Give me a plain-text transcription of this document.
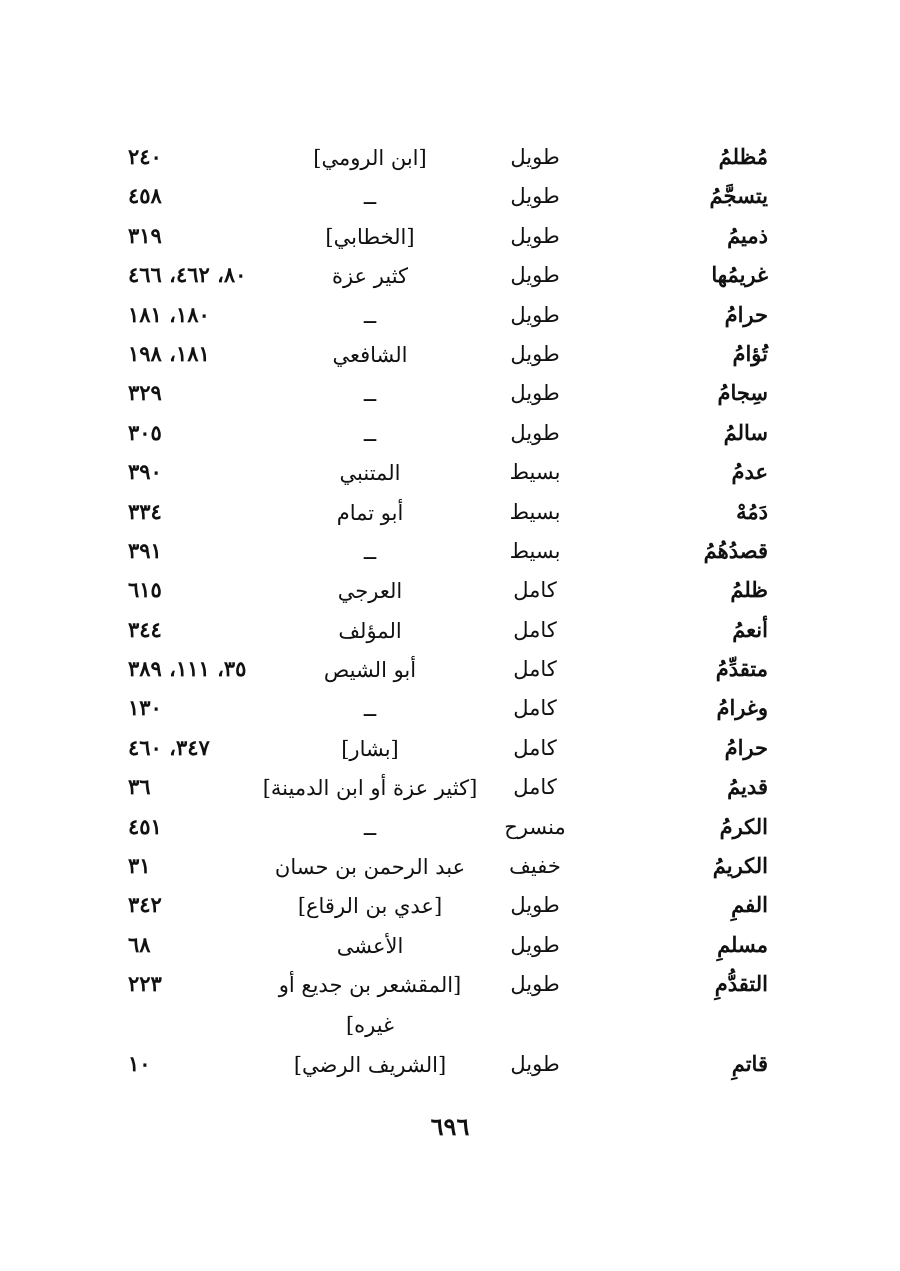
مُظلمُ
طويل
[ابن الرومي]
٢٤٠
يتسجَّمُ
طويل
ــ
٤٥٨
ذميمُ
طويل
[الخطابي]
٣١٩
غريمُها
طويل
كثير عزة
٨٠، ٤٦٢، ٤٦٦
حرامُ
طويل
ــ
١٨٠، ١٨١
تُؤامُ
طويل
الشافعي
١٨١، ١٩٨
سِجامُ
طويل
ــ
٣٢٩
سالمُ
طويل
ــ
٣٠٥
عدمُ
بسيط
المتنبي
٣٩٠
دَمُهْ
بسيط
أبو تمام
٣٣٤
قصدُهُمُ
بسيط
ــ
٣٩١
ظلمُ
كامل
العرجي
٦١٥
أنعمُ
كامل
المؤلف
٣٤٤
متقدِّمُ
كامل
أبو الشيص
٣٥، ١١١، ٣٨٩
وغرامُ
كامل
ــ
١٣٠
حرامُ
كامل
[بشار]
٣٤٧، ٤٦٠
قديمُ
كامل
[كثير عزة أو ابن الدمينة]
٣٦
الكرمُ
منسرح
ــ
٤٥١
الكريمُ
خفيف
عبد الرحمن بن حسان
٣١
الفمِ
طويل
[عدي بن الرقاع]
٣٤٢
مسلمِ
طويل
الأعشى
٦٨
التقدُّمِ
طويل
[المقشعر بن جديع أو غيره]
٢٢٣
قاتمِ
طويل
[الشريف الرضي]
١٠
٦٩٦
